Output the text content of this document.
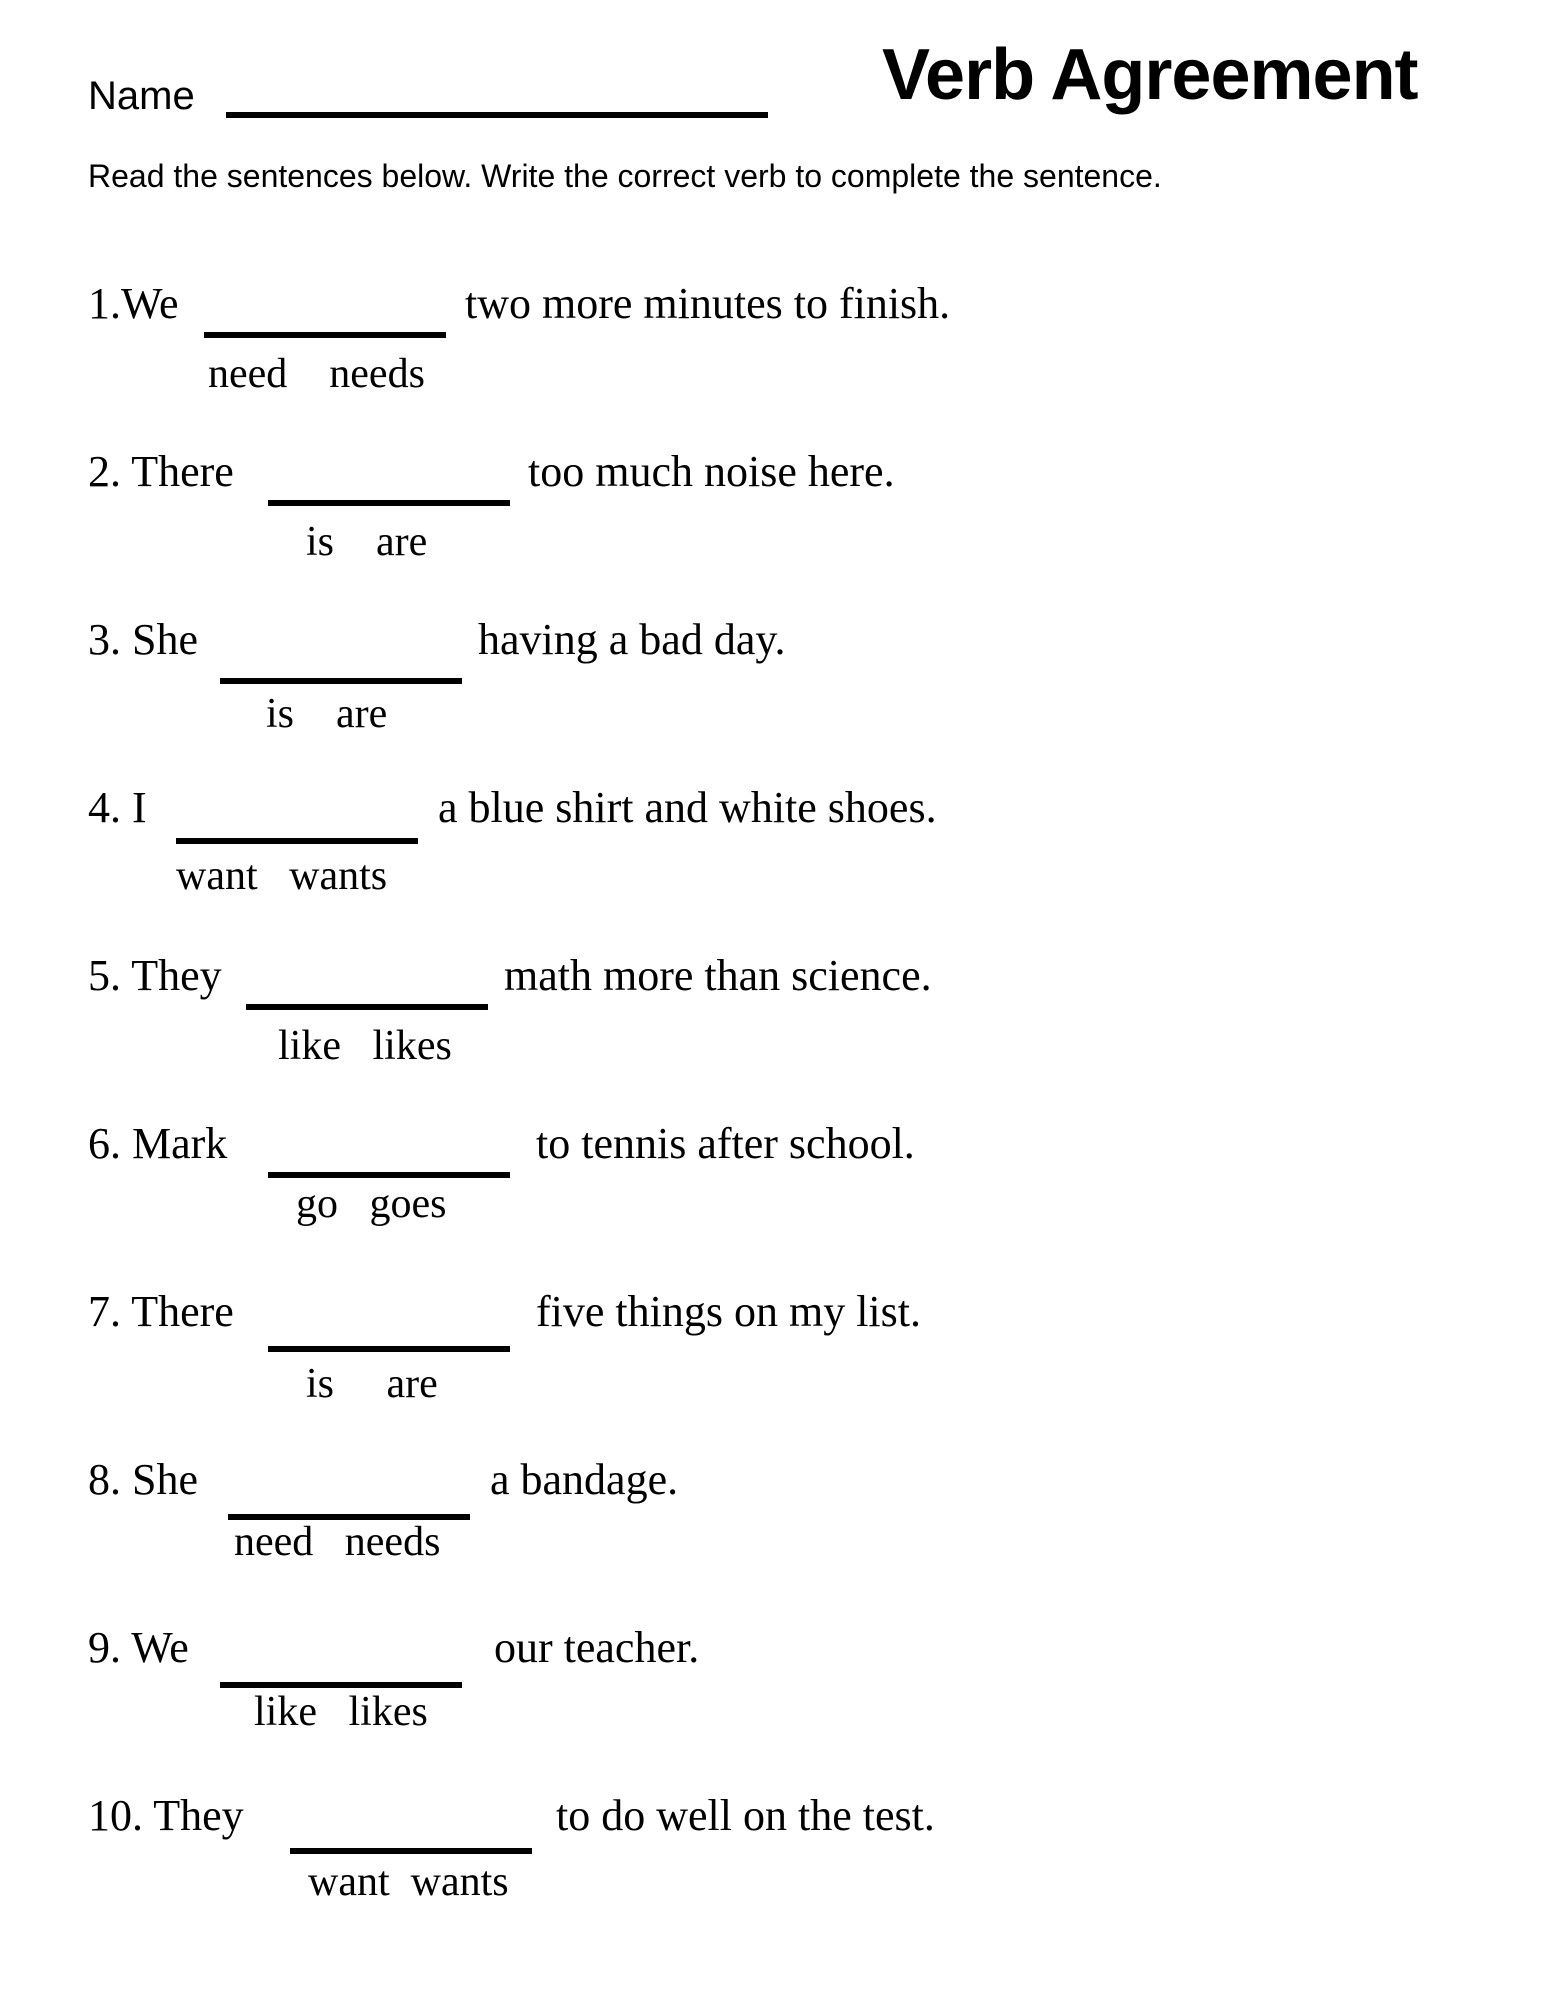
Name	Verb Agreement
Read the sentences below. Write the correct verb to complete the sentence.
1.We	two more minutes to finish.
need    needs
2. There	too much noise here.
is    are
3. She	having a bad day.
is    are
4. I	a blue shirt and white shoes.
want   wants
5. They	math more than science.
like   likes
6. Mark	to tennis after school.
go   goes
7. There	five things on my list.
is     are
8. She	a bandage.
need   needs
9. We	our teacher.
like   likes
10. They	to do well on the test.
want  wants
